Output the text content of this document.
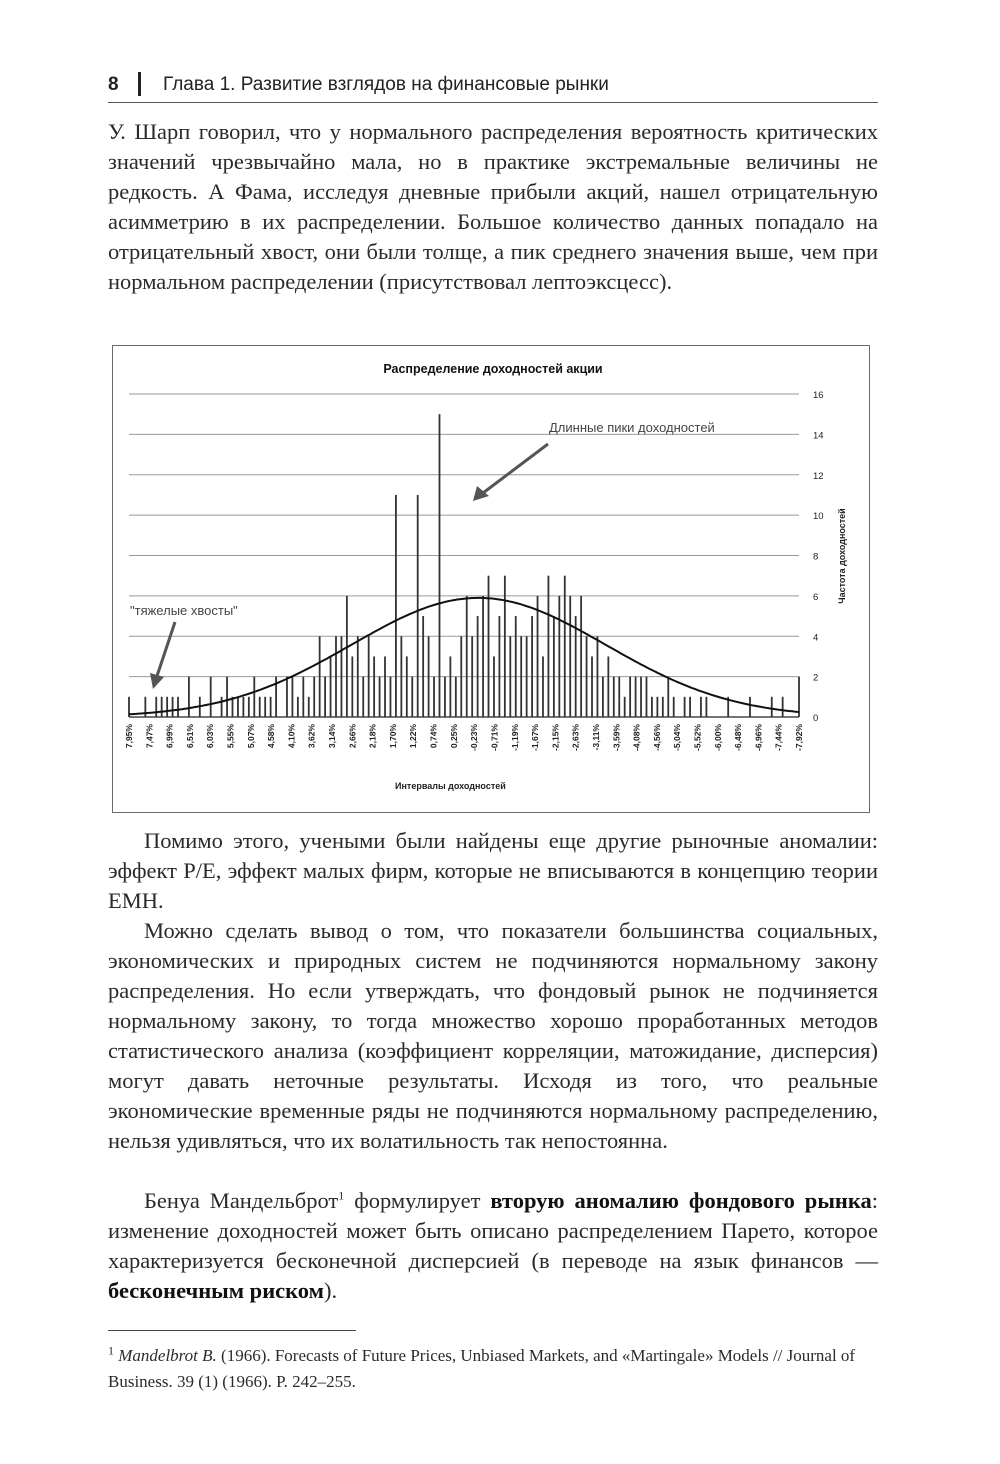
8 Глава 1. Развитие взглядов на финансовые рынки

У. Шарп говорил, что у нормального распределения вероятность критических значений чрезвычайно мала, но в практике экстремальные величины не редкость. А Фама, исследуя дневные прибыли акций, нашел отрицательную асимметрию в их распределении. Большое количество данных попадало на отрицательный хвост, они были толще, а пик среднего значения выше, чем при нормальном распределении (присутствовал лептоэксцесс).

Распределение доходностей акции
0
2
4
6
8
10
12
14
16
7,95% 7,47% 6,99% 6,51% 6,03% 5,55% 5,07% 4,58% 4,10% 3,62% 3,14% 2,66% 2,18% 1,70% 1,22% 0,74% 0,25% -0,23% -0,71% -1,19% -1,67% -2,15% -2,63% -3,11% -3,59% -4,08% -4,56% -5,04% -5,52% -6,00% -6,48% -6,96% -7,44% -7,92%
Частота доходностей
Интервалы доходностей
Длинные пики доходностей
"тяжелые хвосты"

Помимо этого, учеными были найдены еще другие рыночные аномалии: эффект P/E, эффект малых фирм, которые не вписываются в концепцию теории EMH.

Можно сделать вывод о том, что показатели большинства социальных, экономических и природных систем не подчиняются нормальному закону распределения. Но если утверждать, что фондовый рынок не подчиняется нормальному закону, то тогда множество хорошо проработанных методов статистического анализа (коэффициент корреляции, матожидание, дисперсия) могут давать неточные результаты. Исходя из того, что реальные экономические временные ряды не подчиняются нормальному распределению, нельзя удивляться, что их волатильность так непостоянна.

Бенуа Мандельброт$^1$ формулирует вторую аномалию фондового рынка: изменение доходностей может быть описано распределением Парето, которое характеризуется бесконечной дисперсией (в переводе на язык финансов — бесконечным риском).

$^1$ Mandelbrot B. (1966). Forecasts of Future Prices, Unbiased Markets, and «Martingale» Models // Journal of Business. 39 (1) (1966). P. 242–255.
